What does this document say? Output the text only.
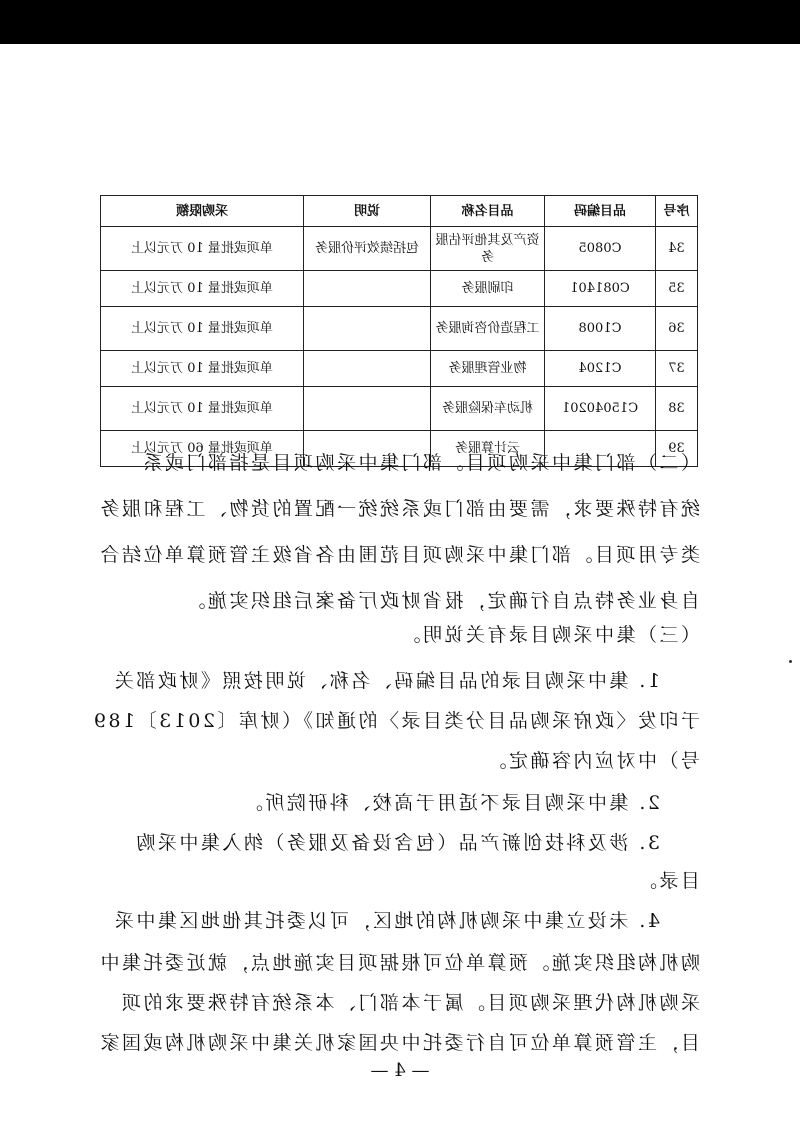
序号	品目编码	品目名称	说明	采购限额
34	C0805	资产及其他评估服务	包括绩效评价服务	单项或批量 10 万元以上
35	C081401	印刷服务		单项或批量 10 万元以上
36	C1008	工程造价咨询服务		单项或批量 10 万元以上
37	C1204	物业管理服务		单项或批量 10 万元以上
38	C15040201	机动车保险服务		单项或批量 10 万元以上
39		云计算服务		单项或批量 60 万元以上
（二）部门集中采购项目。部门集中采购项目是指部门或系
统有特殊要求，需要由部门或系统统一配置的货物、工程和服务
类专用项目。部门集中采购项目范围由各省级主管预算单位结合
自身业务特点自行确定，报省财政厅备案后组织实施。
（三）集中采购目录有关说明。
1. 集中采购目录的品目编码、名称、说明按照《财政部关
于印发〈政府采购品目分类目录〉的通知》（财库〔2013〕189
号）中对应内容确定。
2. 集中采购目录不适用于高校、科研院所。
3. 涉及科技创新产品（包含设备及服务）纳入集中采购
目录。
4. 未设立集中采购机构的地区，可以委托其他地区集中采
购机构组织实施。预算单位可根据项目实施地点，就近委托集中
采购机构代理采购项目。属于本部门、本系统有特殊要求的项
目，主管预算单位可自行委托中央国家机关集中采购机构或国家
— 4 —
